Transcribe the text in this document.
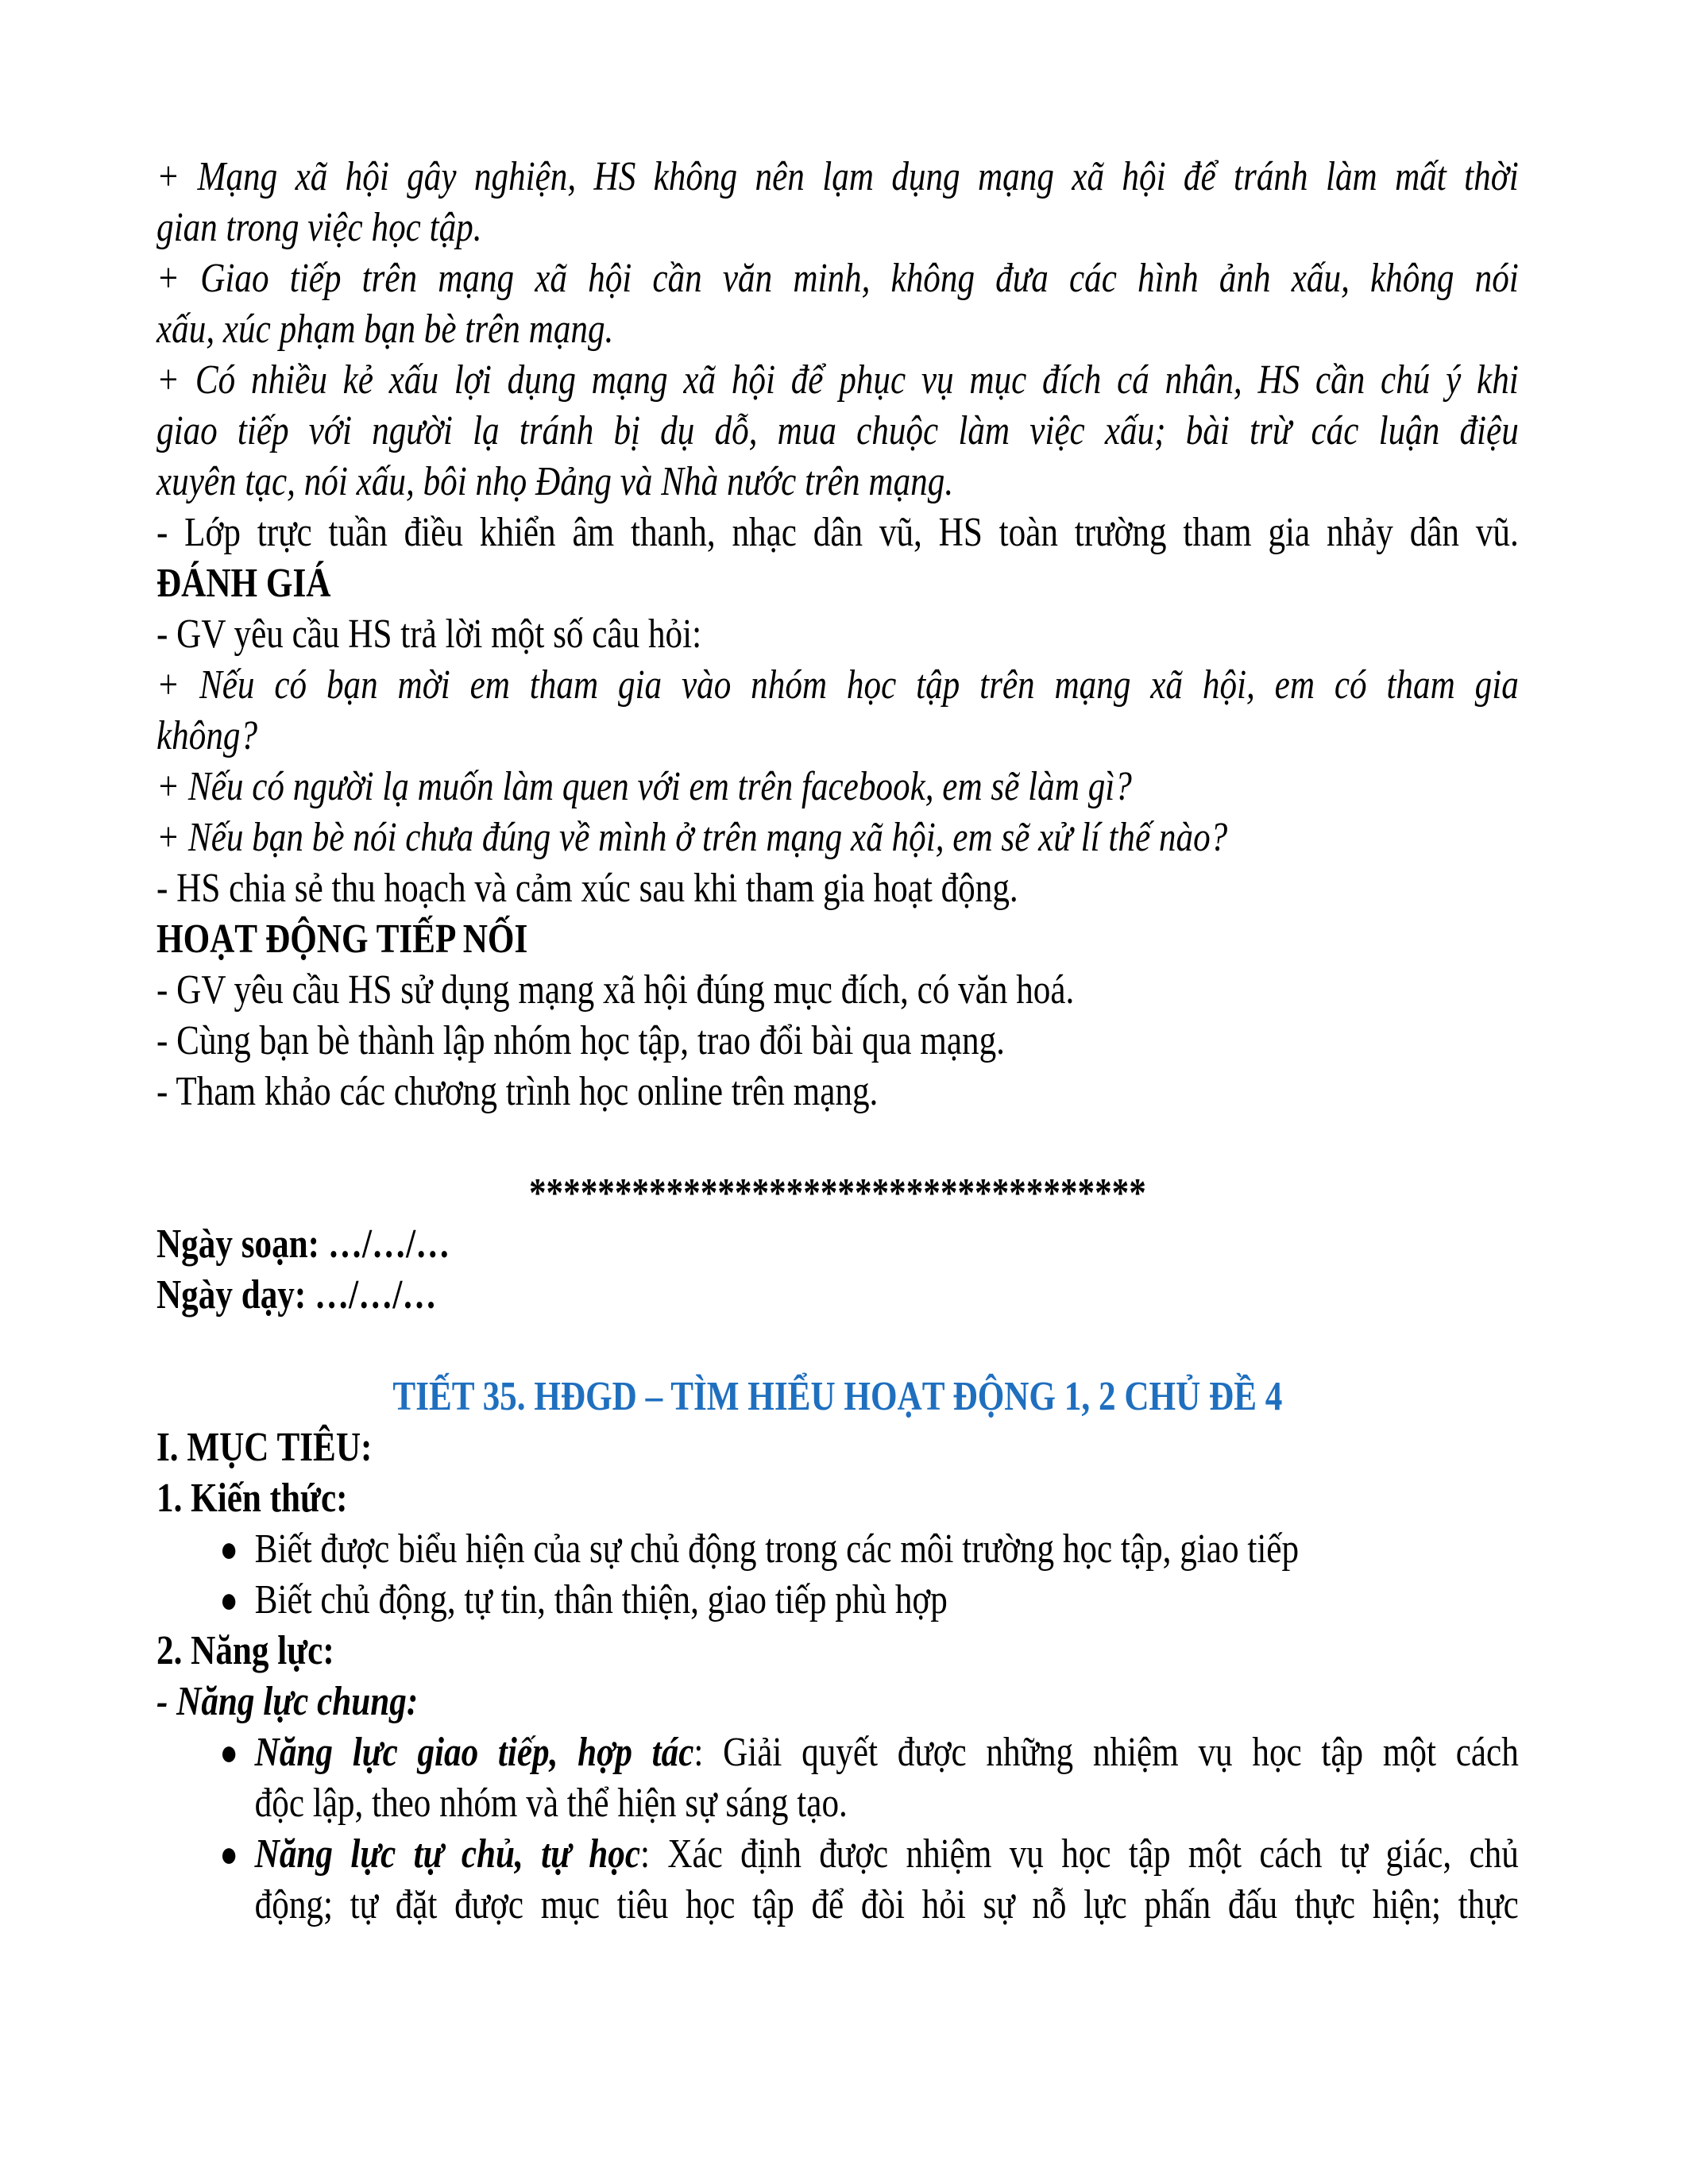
+ Mạng xã hội gây nghiện, HS không nên lạm dụng mạng xã hội để tránh làm mất thời
gian trong việc học tập.
+ Giao tiếp trên mạng xã hội cần văn minh, không đưa các hình ảnh xấu, không nói
xấu, xúc phạm bạn bè trên mạng.
+ Có nhiều kẻ xấu lợi dụng mạng xã hội để phục vụ mục đích cá nhân, HS cần chú ý khi
giao tiếp với người lạ tránh bị dụ dỗ, mua chuộc làm việc xấu; bài trừ các luận điệu
xuyên tạc, nói xấu, bôi nhọ Đảng và Nhà nước trên mạng.
- Lớp trực tuần điều khiển âm thanh, nhạc dân vũ, HS toàn trường tham gia nhảy dân vũ.
ĐÁNH GIÁ
- GV yêu cầu HS trả lời một số câu hỏi:
+ Nếu có bạn mời em tham gia vào nhóm học tập trên mạng xã hội, em có tham gia
không?
+ Nếu có người lạ muốn làm quen với em trên facebook, em sẽ làm gì?
+ Nếu bạn bè nói chưa đúng về mình ở trên mạng xã hội, em sẽ xử lí thế nào?
- HS chia sẻ thu hoạch và cảm xúc sau khi tham gia hoạt động.
HOẠT ĐỘNG TIẾP NỐI
- GV yêu cầu HS sử dụng mạng xã hội đúng mục đích, có văn hoá.
- Cùng bạn bè thành lập nhóm học tập, trao đổi bài qua mạng.
- Tham khảo các chương trình học online trên mạng.
************************************
Ngày soạn: …/…/…
Ngày dạy: …/…/…
TIẾT 35. HĐGD – TÌM HIỂU HOẠT ĐỘNG 1, 2 CHỦ ĐỀ 4
I. MỤC TIÊU:
1. Kiến thức:
● Biết được biểu hiện của sự chủ động trong các môi trường học tập, giao tiếp
● Biết chủ động, tự tin, thân thiện, giao tiếp phù hợp
2. Năng lực:
- Năng lực chung:
● Năng lực giao tiếp, hợp tác: Giải quyết được những nhiệm vụ học tập một cách
độc lập, theo nhóm và thể hiện sự sáng tạo.
● Năng lực tự chủ, tự học: Xác định được nhiệm vụ học tập một cách tự giác, chủ
động; tự đặt được mục tiêu học tập để đòi hỏi sự nỗ lực phấn đấu thực hiện; thực
